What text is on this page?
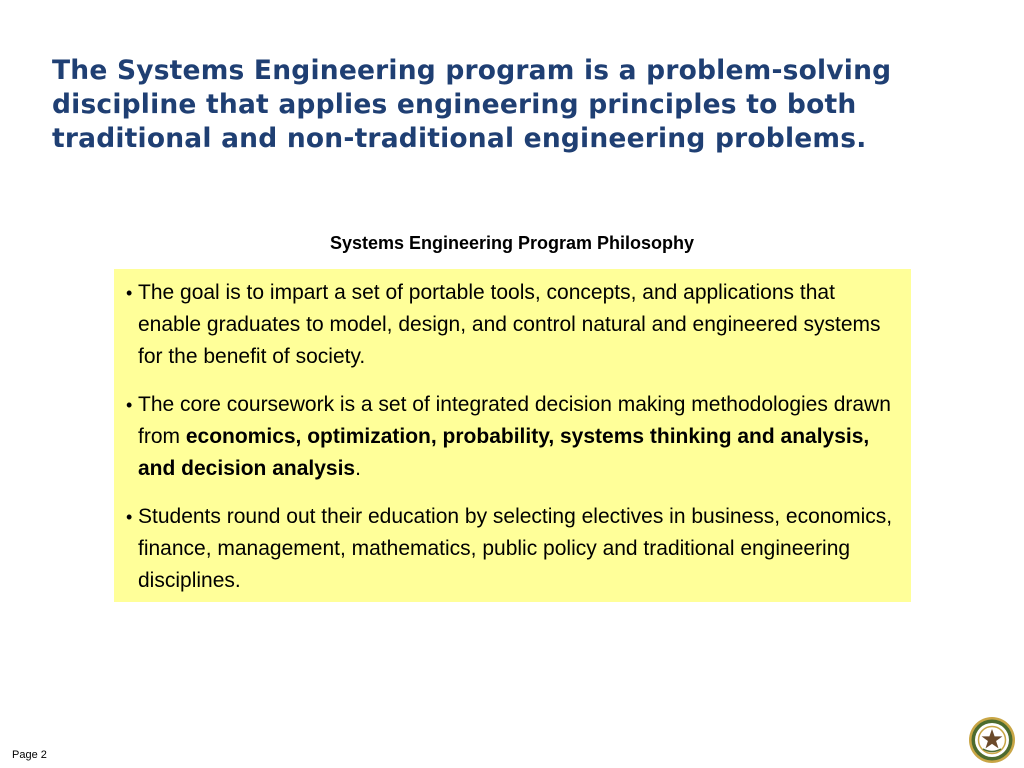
The Systems Engineering program is a problem-solving discipline that applies engineering principles to both traditional and non-traditional engineering problems.
Systems Engineering Program Philosophy
• The goal is to impart a set of portable tools, concepts, and applications that enable graduates to model, design, and control natural and engineered systems for the benefit of society.
• The core coursework is a set of integrated decision making methodologies drawn from economics, optimization, probability, systems thinking and analysis, and decision analysis.
• Students round out their education by selecting electives in business, economics, finance, management, mathematics, public policy and traditional engineering disciplines.
Page 2
